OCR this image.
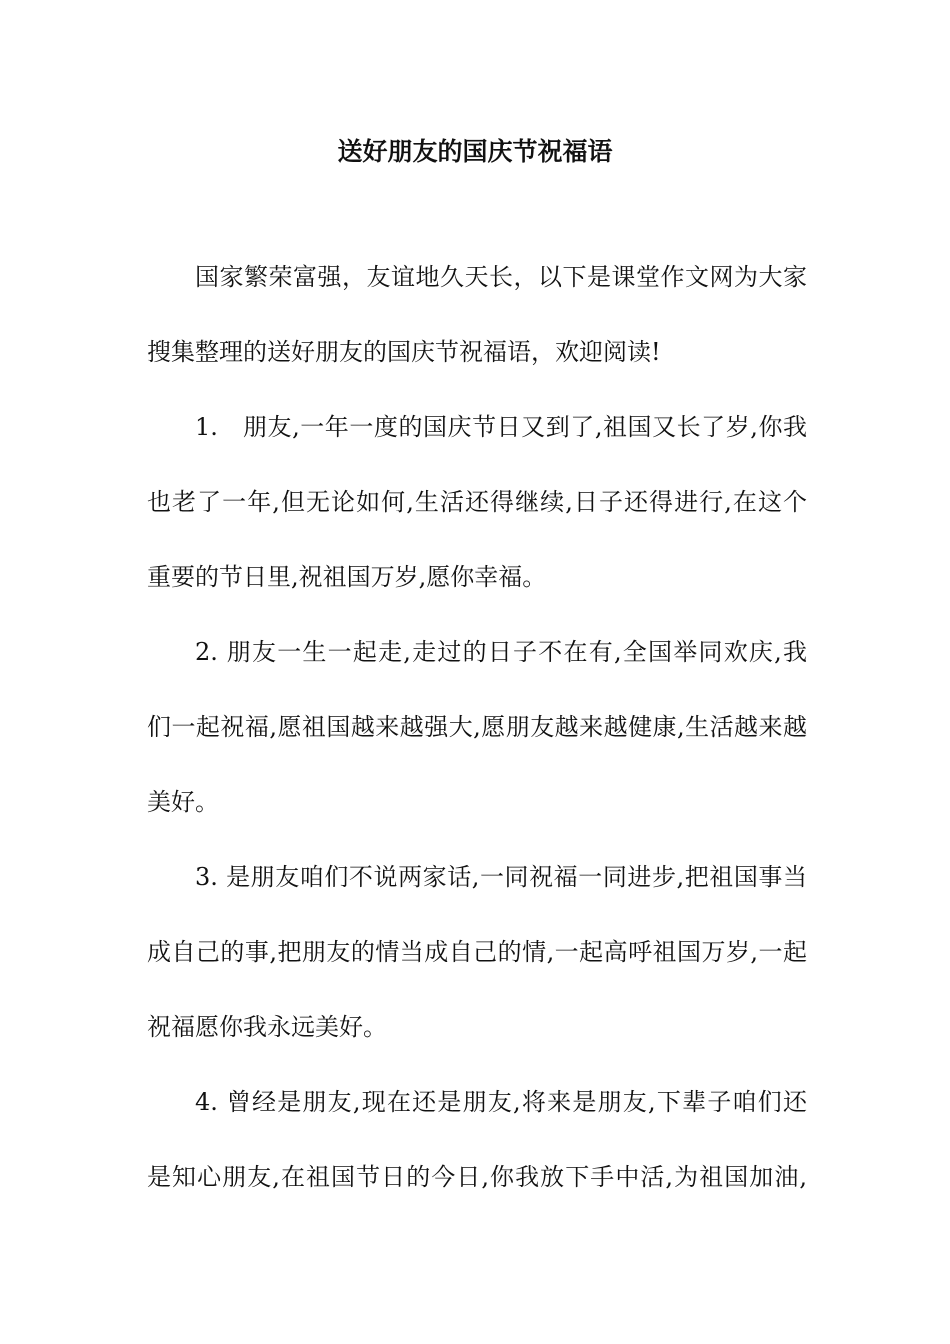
送好朋友的国庆节祝福语
国家繁荣富强，友谊地久天长，以下是课堂作文网为大家
搜集整理的送好朋友的国庆节祝福语，欢迎阅读!
1.　朋友,一年一度的国庆节日又到了,祖国又长了岁,你我
也老了一年,但无论如何,生活还得继续,日子还得进行,在这个
重要的节日里,祝祖国万岁,愿你幸福。
2. 朋友一生一起走,走过的日子不在有,全国举同欢庆,我
们一起祝福,愿祖国越来越强大,愿朋友越来越健康,生活越来越
美好。
3. 是朋友咱们不说两家话,一同祝福一同进步,把祖国事当
成自己的事,把朋友的情当成自己的情,一起高呼祖国万岁,一起
祝福愿你我永远美好。
4. 曾经是朋友,现在还是朋友,将来是朋友,下辈子咱们还
是知心朋友,在祖国节日的今日,你我放下手中活,为祖国加油,
